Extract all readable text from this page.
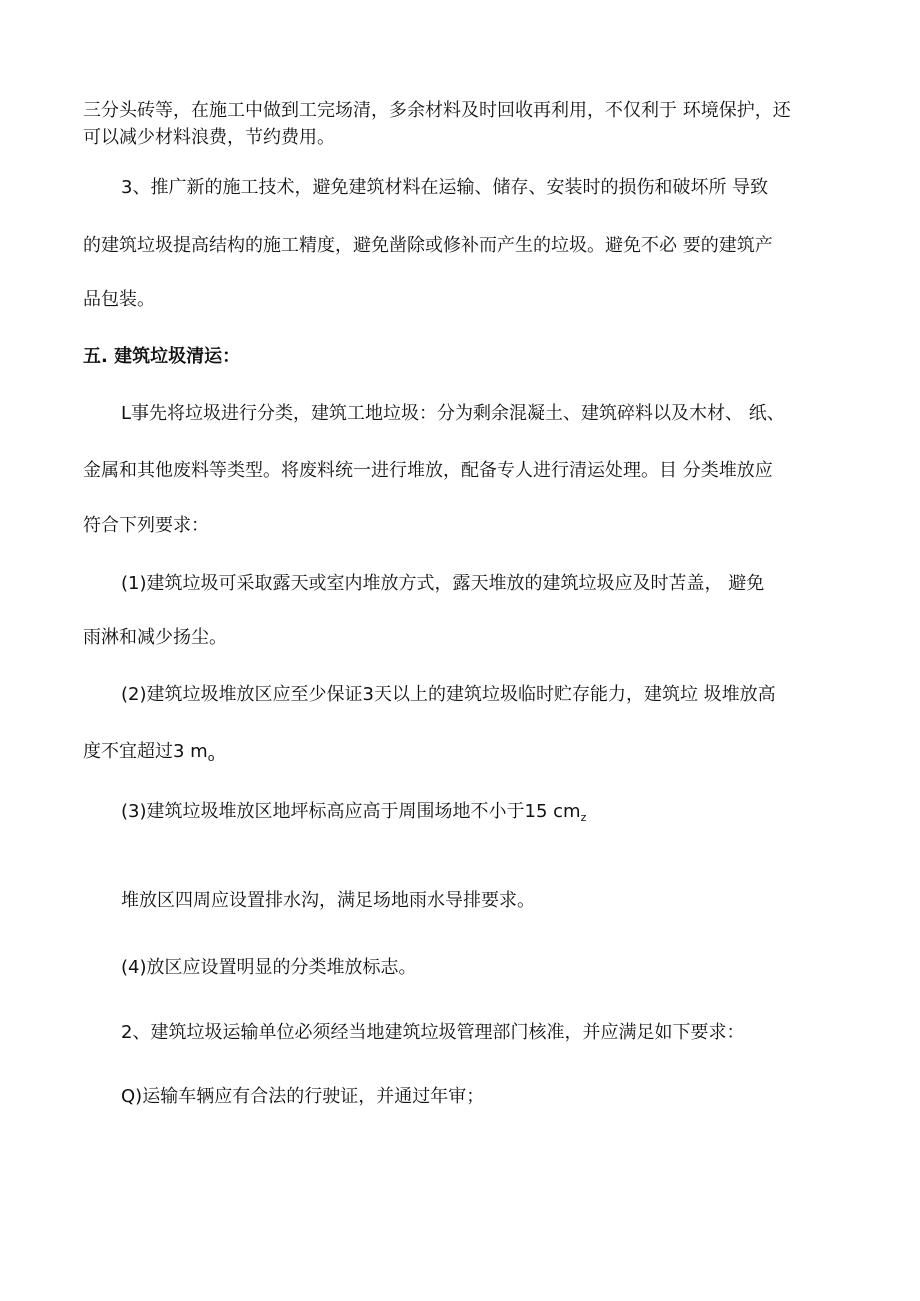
三分头砖等，在施工中做到工完场清，多余材料及时回收再利用，不仅利于 环境保护，还
可以减少材料浪费，节约费用。
3、推广新的施工技术，避免建筑材料在运输、储存、安装时的损伤和破坏所 导致
的建筑垃圾提高结构的施工精度，避免凿除或修补而产生的垃圾。避免不必 要的建筑产
品包装。
五. 建筑垃圾清运：
L事先将垃圾进行分类，建筑工地垃圾：分为剩余混凝土、建筑碎料以及木材、 纸、
金属和其他废料等类型。将废料统一进行堆放，配备专人进行清运处理。目 分类堆放应
符合下列要求：
(1)建筑垃圾可采取露天或室内堆放方式，露天堆放的建筑垃圾应及时苫盖， 避免
雨淋和减少扬尘。
(2)建筑垃圾堆放区应至少保证3天以上的建筑垃圾临时贮存能力，建筑垃 圾堆放高
度不宜超过3 $m_o$
(3)建筑垃圾堆放区地坪标高应高于周围场地不小于15 $cm_z$
堆放区四周应设置排水沟，满足场地雨水导排要求。
(4)放区应设置明显的分类堆放标志。
2、建筑垃圾运输单位必须经当地建筑垃圾管理部门核准，并应满足如下要求：
Q)运输车辆应有合法的行驶证，并通过年审；
